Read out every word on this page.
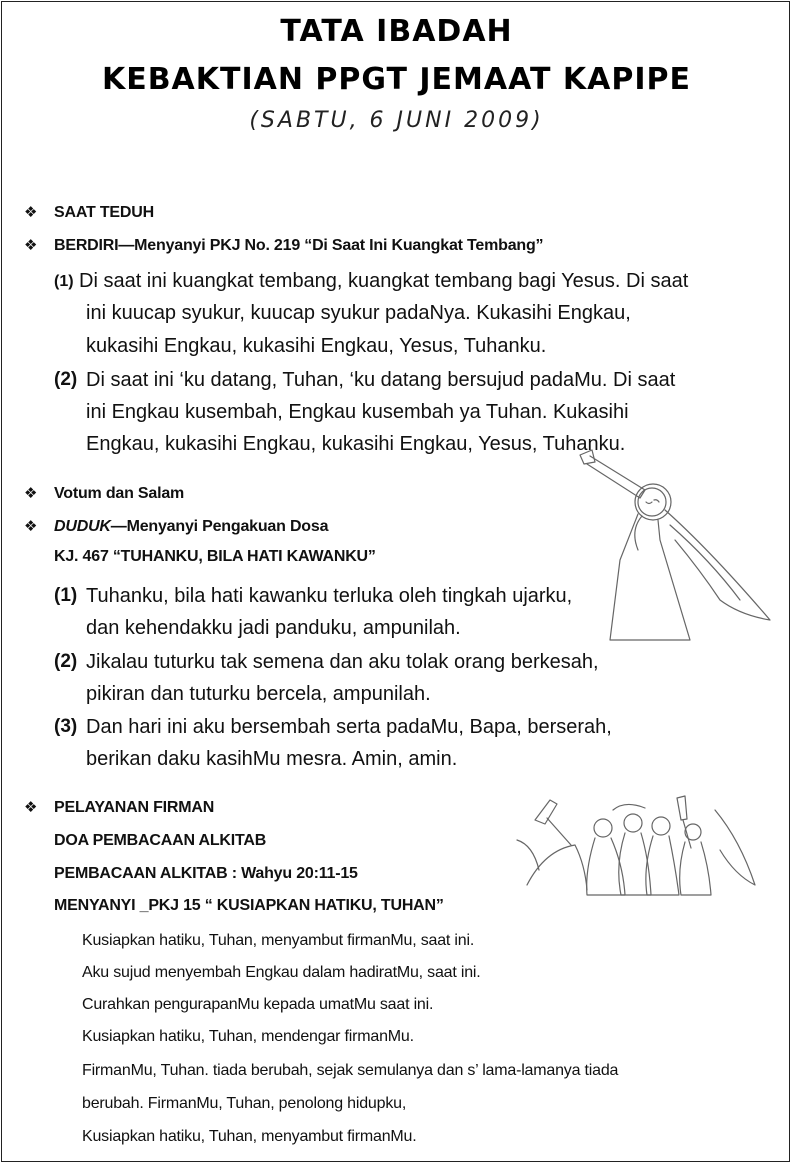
TATA IBADAH
KEBAKTIAN PPGT JEMAAT KAPIPE
(SABTU, 6 JUNI 2009)
❖ SAAT TEDUH
❖ BERDIRI—Menyanyi PKJ No. 219 “Di Saat Ini Kuangkat Tembang”
(1) Di saat ini kuangkat tembang, kuangkat tembang bagi Yesus. Di saat
ini kuucap syukur, kuucap syukur padaNya. Kukasihi Engkau,
kukasihi Engkau, kukasihi Engkau, Yesus, Tuhanku.
(2) Di saat ini ‘ku datang, Tuhan, ‘ku datang bersujud padaMu. Di saat
ini Engkau kusembah, Engkau kusembah ya Tuhan. Kukasihi
Engkau, kukasihi Engkau, kukasihi Engkau, Yesus, Tuhanku.
❖ Votum dan Salam
❖ DUDUK—Menyanyi Pengakuan Dosa
KJ. 467 “TUHANKU, BILA HATI KAWANKU”
(1) Tuhanku, bila hati kawanku terluka oleh tingkah ujarku,
dan kehendakku jadi panduku, ampunilah.
(2) Jikalau tuturku tak semena dan aku tolak orang berkesah,
pikiran dan tuturku bercela, ampunilah.
(3) Dan hari ini aku bersembah serta padaMu, Bapa, berserah,
berikan daku kasihMu mesra. Amin, amin.
❖ PELAYANAN FIRMAN
DOA PEMBACAAN ALKITAB
PEMBACAAN ALKITAB : Wahyu 20:11-15
MENYANYI _PKJ 15 “ KUSIAPKAN HATIKU, TUHAN”
Kusiapkan hatiku, Tuhan, menyambut firmanMu, saat ini.
Aku sujud menyembah Engkau dalam hadiratMu, saat ini.
Curahkan pengurapanMu kepada umatMu saat ini.
Kusiapkan hatiku, Tuhan, mendengar firmanMu.
FirmanMu, Tuhan. tiada berubah, sejak semulanya dan s’ lama-lamanya tiada
berubah. FirmanMu, Tuhan, penolong hidupku,
Kusiapkan hatiku, Tuhan, menyambut firmanMu.
